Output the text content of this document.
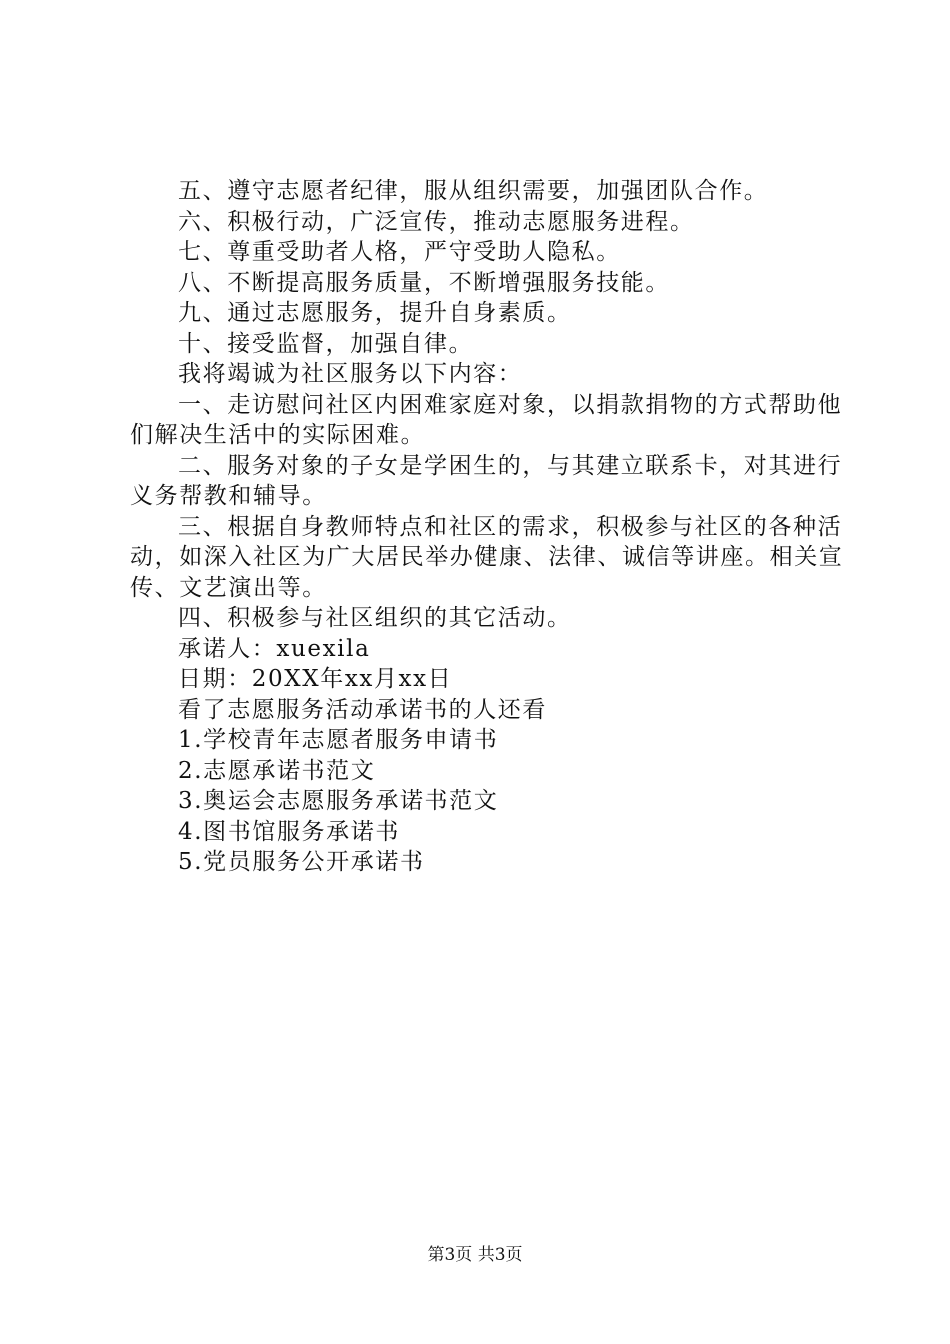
五、遵守志愿者纪律，服从组织需要，加强团队合作。
六、积极行动，广泛宣传，推动志愿服务进程。
七、尊重受助者人格，严守受助人隐私。
八、不断提高服务质量，不断增强服务技能。
九、通过志愿服务，提升自身素质。
十、接受监督，加强自律。
我将竭诚为社区服务以下内容：
一、走访慰问社区内困难家庭对象，以捐款捐物的方式帮助他们解决生活中的实际困难。
二、服务对象的子女是学困生的，与其建立联系卡，对其进行义务帮教和辅导。
三、根据自身教师特点和社区的需求，积极参与社区的各种活动，如深入社区为广大居民举办健康、法律、诚信等讲座。相关宣传、文艺演出等。
四、积极参与社区组织的其它活动。
承诺人：xuexila
日期：20XX年xx月xx日
看了志愿服务活动承诺书的人还看
1.学校青年志愿者服务申请书
2.志愿承诺书范文
3.奥运会志愿服务承诺书范文
4.图书馆服务承诺书
5.党员服务公开承诺书
第3页 共3页
